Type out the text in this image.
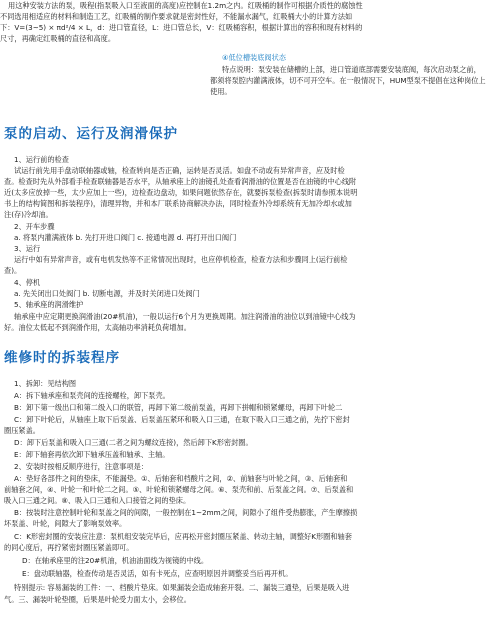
用这种安装方法的泵，吸程(指泵吸入口至液面的高度)应控制在1.2m之内。红吸桶的制作可根据介质性的腐蚀性

不同选用相适应的材料和制造工艺，红吸桶的制作要求就是密封性好，不能漏水漏气，红吸桶大小的计算方法如

下：V=(3~5) × πd²/4 × L，d：进口管直径，L：进口管总长，V：红吸桶容积，根据计算出的容积和现有材料的

尺寸，再确定红吸桶的直径和高度。

④低位槽装底阀状态

特点说明：泵安装在储槽的上部，进口管道底部需要安装底阀，每次启动泵之前，

都须将泵腔内灌满液体，切不可开空车。在一般情况下，HUM型泵不提倡在这种岗位上

使用。

泵的启动、运行及润滑保护

1、运行前的检查

试运行前先用手盘动联轴器或轴，检查转向是否正确，运转是否灵活。如盘不动或有异常声音，应及时检

查。检查时先从外部看手检查联轴器是否水平，从轴承座上的油镜孔处查看润滑油的位置是否在油镜的中心线附

近(太多应放掉一些，太少应加上一些)，边检查边盘动，如果问题依然存在，就要拆泵检查(拆泵时请参照本说明

书上的结构简图和拆装程序)，清理异物，并和本厂联系协商解决办法，同时检查外冷却系统有无加冷却水或加

注(存)冷却油。

2、开车步骤

a. 将泵内灌满液体 b. 先打开进口阀门 c. 接通电源 d. 再打开出口阀门

3、运行

运行中如有异常声音，或有电机发热等不正常情况出现时，也应停机检查，检查方法和步骤同上(运行前检

查)。

4、停机

a. 先关闭出口处阀门 b. 切断电源，并及时关闭进口处阀门

5、轴承座的润滑维护

轴承座中应定期更换润滑油(20#机油)，一般以运行6个月为更换周期。加注润滑油的油位以到油镜中心线为

好。油位太低起不到润滑作用，太高轴功率消耗负荷增加。

维修时的拆装程序

1、拆卸：见结构图

A：拆下轴承座和泵壳间的连接螺栓，卸下泵壳。

B：卸下第一级出口和第二级入口的联管，再卸下第二级前泵盖，再卸下拼帽和锁紧螺母，再卸下叶轮二

C：卸下叶轮后，从轴座上取下后泵盖、后泵盖压紧环和吸入口三通，在取下吸入口三通之前，先拧下密封

圈压紧盖。

D：卸下后泵盖和吸入口三通(二者之间为螺纹连接)，然后卸下K形密封圈。

E：卸下轴套再依次卸下轴承压盖和轴承、主轴。

2、安装时按相反顺序进行，注意事项是：

A：垫好各部件之间的垫床，不能漏垫。①、后轴套和档酸片之间，②、前轴套与叶轮之间，③、后轴套和

前轴套之间，④、叶轮一和叶轮二之间。⑤、叶轮和锁紧螺母之间。⑥、泵壳和前、后泵盖之间。⑦、后泵盖和

吸入口三通之间。⑧、吸入口三通和入口接管之间的垫床。

B：按装时注意控制叶轮和泵盖之间的间隙，一般控制在1~2mm之间，间隙小了组件受热膨胀，产生摩擦损

坏泵盖、叶轮，间隙大了影响泵效率。

C：K形密封圈的安装应注意：泵机组安装完毕后，应再松开密封圈压紧盖、转动主轴，调整好K形圈和轴套

的同心度后，再拧紧密封圈压紧盖即可。

D：在轴承座里的注20#机油，机油油面线为视镜的中线。

E：盘动联轴器，检查传动是否灵活，如有卡死点，应查明原因并调整妥当后再开机。

特别提示: 容易漏装的工件：一、档酸片垫床。如果漏装会造成轴套开裂。二、漏装三通垫，后果是吸入进

气。三、漏装叶轮垫圈，后果是叶轮受力面太小，会移位。
